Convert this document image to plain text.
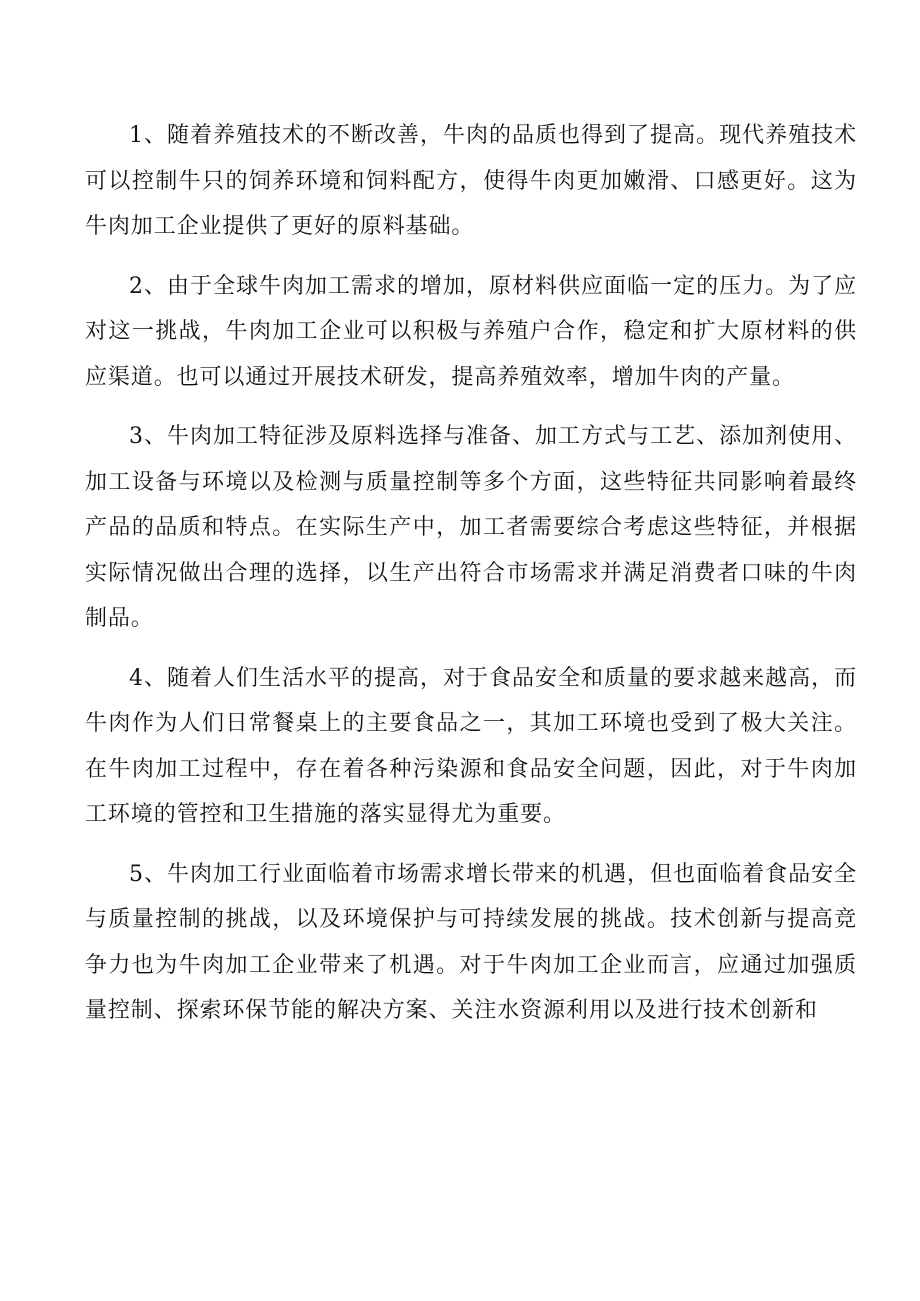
1、随着养殖技术的不断改善，牛肉的品质也得到了提高。现代养殖技术可以控制牛只的饲养环境和饲料配方，使得牛肉更加嫩滑、口感更好。这为牛肉加工企业提供了更好的原料基础。

2、由于全球牛肉加工需求的增加，原材料供应面临一定的压力。为了应对这一挑战，牛肉加工企业可以积极与养殖户合作，稳定和扩大原材料的供应渠道。也可以通过开展技术研发，提高养殖效率，增加牛肉的产量。

3、牛肉加工特征涉及原料选择与准备、加工方式与工艺、添加剂使用、加工设备与环境以及检测与质量控制等多个方面，这些特征共同影响着最终产品的品质和特点。在实际生产中，加工者需要综合考虑这些特征，并根据实际情况做出合理的选择，以生产出符合市场需求并满足消费者口味的牛肉制品。

4、随着人们生活水平的提高，对于食品安全和质量的要求越来越高，而牛肉作为人们日常餐桌上的主要食品之一，其加工环境也受到了极大关注。在牛肉加工过程中，存在着各种污染源和食品安全问题，因此，对于牛肉加工环境的管控和卫生措施的落实显得尤为重要。

5、牛肉加工行业面临着市场需求增长带来的机遇，但也面临着食品安全与质量控制的挑战，以及环境保护与可持续发展的挑战。技术创新与提高竞争力也为牛肉加工企业带来了机遇。对于牛肉加工企业而言，应通过加强质量控制、探索环保节能的解决方案、关注水资源利用以及进行技术创新和
